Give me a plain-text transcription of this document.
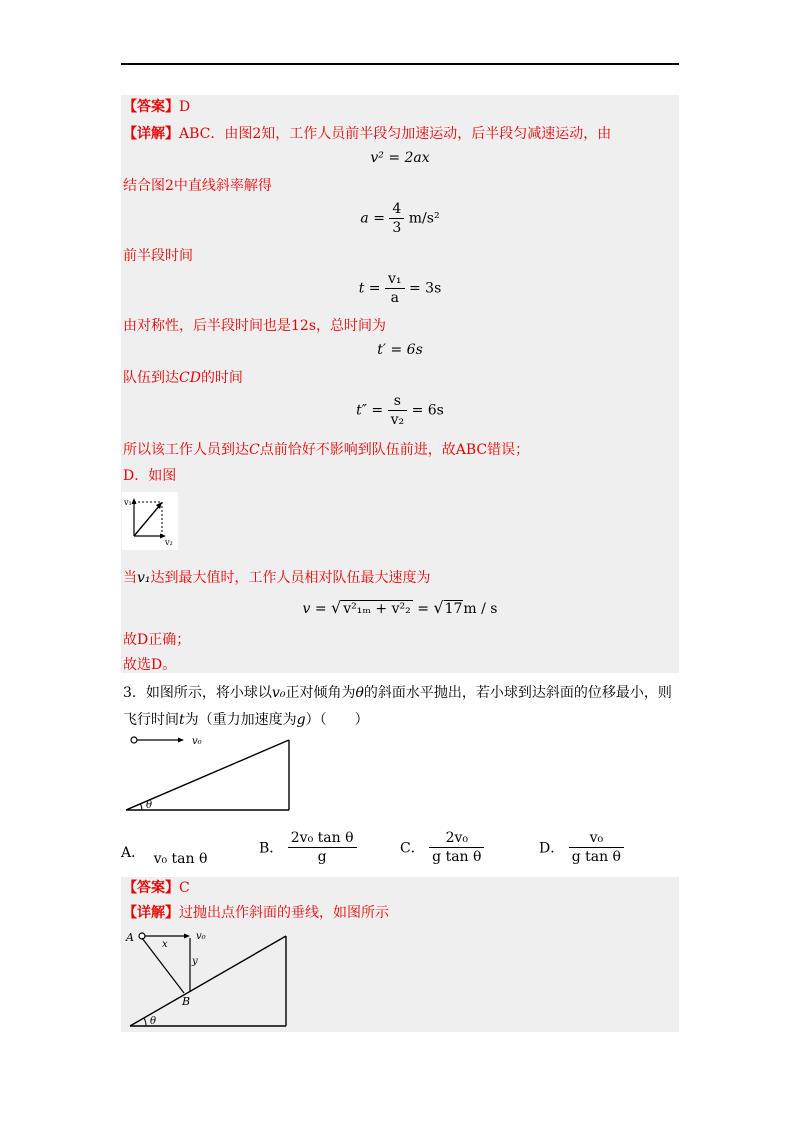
【答案】D
【详解】ABC．由图2知，工作人员前半段匀加速运动，后半段匀减速运动，由
v² = 2ax
结合图2中直线斜率解得
$a = \frac{4}{3} m/s^2$
前半段时间
$t = \frac{\text{v₁}}{a} = 3s$
由对称性，后半段时间也是12s，总时间为
t′ = 6s
队伍到达CD的时间
$t'' = \frac{s}{\text{v₂}} = 6s$
所以该工作人员到达C点前恰好不影响到队伍前进，故ABC错误；
D．如图
v₁
v₂
当v₁达到最大值时，工作人员相对队伍最大速度为
v = √ v²₁ₘ + v²₂ = √17m / s
故D正确；
故选D。
3．如图所示，将小球以v₀正对倾角为θ的斜面水平抛出，若小球到达斜面的位移最小，则
飞行时间t为（重力加速度为g）（　　）
v₀
θ
A． v₀ tan θ
B． $\frac{\text{2v₀ tan θ}}{g}$	C． $\frac{\text{2v₀}}{\text{g tan θ}}$	D． $\frac{\text{v₀}}{\text{g tan θ}}$
【答案】C
【详解】过抛出点作斜面的垂线，如图所示
A
x
v₀
y
B
θ
